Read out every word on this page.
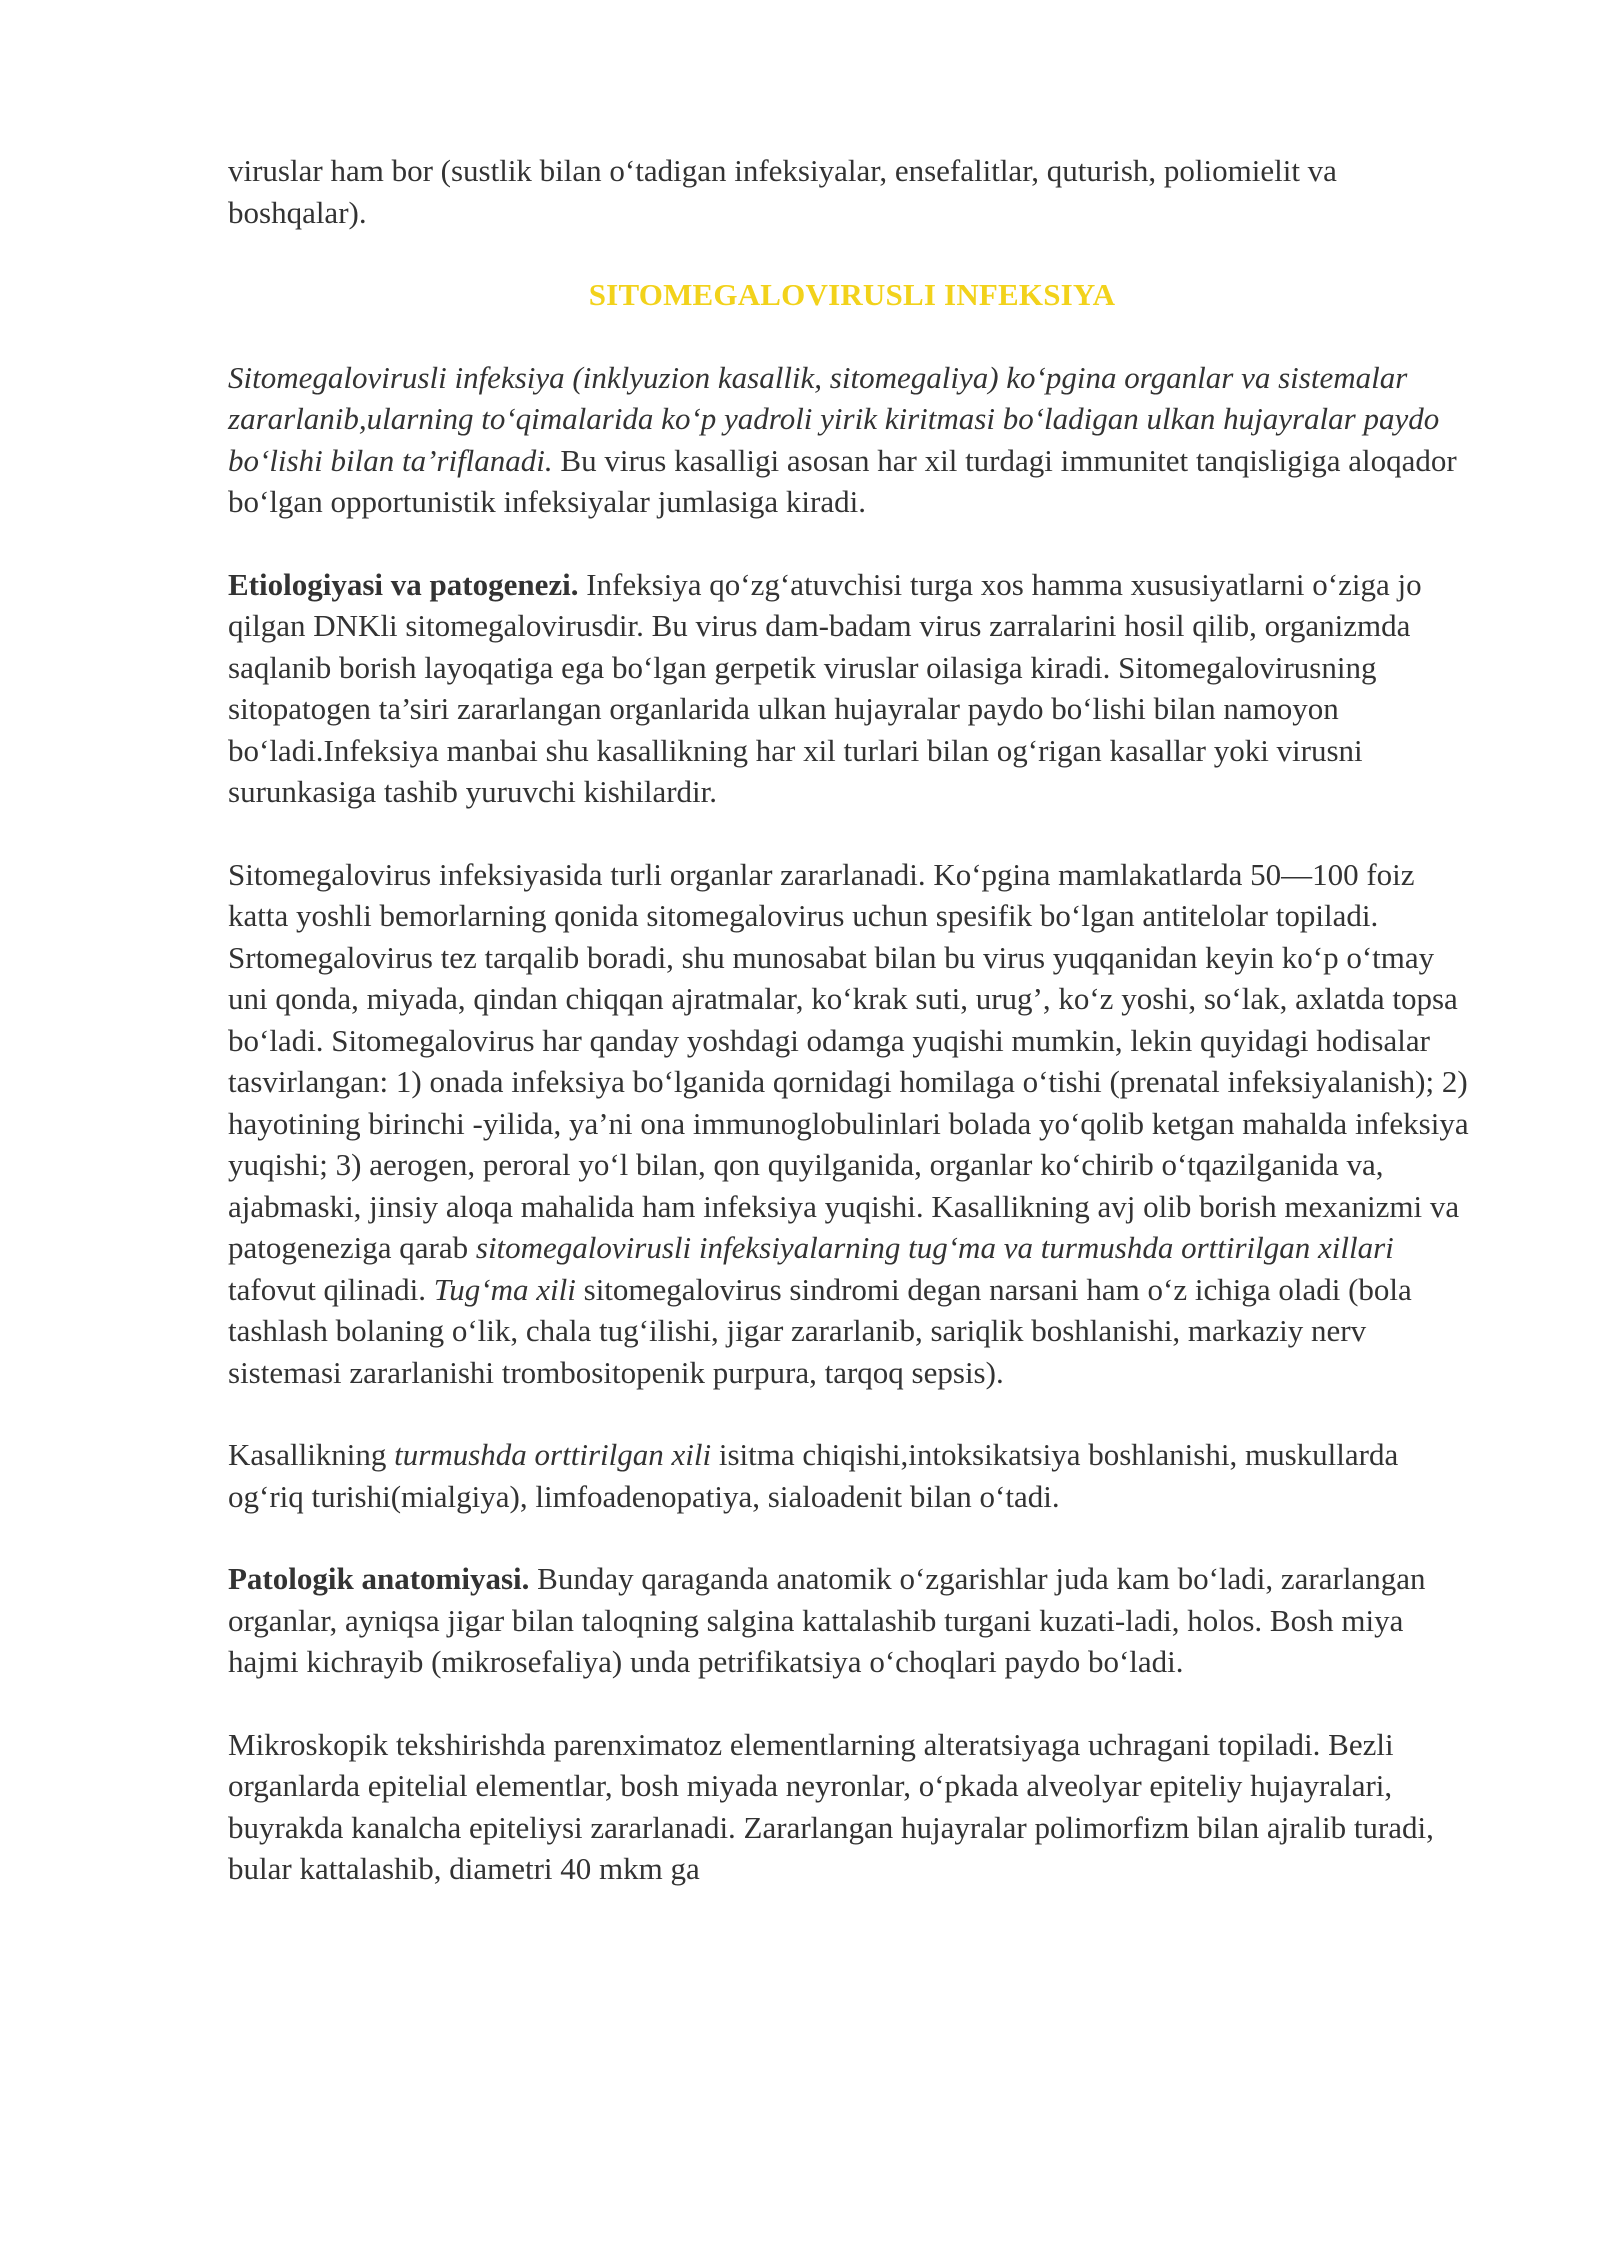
viruslar ham bor (sustlik bilan oʻtadigan infeksiyalar, ensefalitlar, quturish, poliomielit va boshqalar).

SITOMEGALOVIRUSLI INFEKSIYA

Sitomegalovirusli infeksiya (inklyuzion kasallik, sitomegaliya) koʻpgina organlar va sistemalar zararlanib,ularning toʻqimalarida koʻp yadroli yirik kiritmasi boʻladigan ulkan hujayralar paydo boʻlishi bilan ta’riflanadi. Bu virus kasalligi asosan har xil turdagi immunitet tanqisligiga aloqador boʻlgan opportunistik infeksiyalar jumlasiga kiradi.

Etiologiyasi va patogenezi. Infeksiya qoʻzgʻatuvchisi turga xos hamma xususiyatlarni oʻziga jo qilgan DNKli sitomegalovirusdir. Bu virus dam-badam virus zarralarini hosil qilib, organizmda saqlanib borish layoqatiga ega boʻlgan gerpetik viruslar oilasiga kiradi. Sitomegalovirusning sitopatogen ta’siri zararlangan organlarida ulkan hujayralar paydo boʻlishi bilan namoyon boʻladi.Infeksiya manbai shu kasallikning har xil turlari bilan ogʻrigan kasallar yoki virusni surunkasiga tashib yuruvchi kishilardir.

Sitomegalovirus infeksiyasida turli organlar zararlanadi. Koʻpgina mamlakatlarda 50—100 foiz katta yoshli bemorlarning qonida sitomegalovirus uchun spesifik boʻlgan antitelolar topiladi. Srtomegalovirus tez tarqalib boradi, shu munosabat bilan bu virus yuqqanidan keyin koʻp oʻtmay uni qonda, miyada, qindan chiqqan ajratmalar, koʻkrak suti, urug’, koʻz yoshi, soʻlak, axlatda topsa boʻladi. Sitomegalovirus har qanday yoshdagi odamga yuqishi mumkin, lekin quyidagi hodisalar tasvirlangan: 1) onada infeksiya boʻlganida qornidagi homilaga oʻtishi (prenatal infeksiyalanish); 2) hayotining birinchi -yilida, ya’ni ona immunoglobulinlari bolada yoʻqolib ketgan mahalda infeksiya yuqishi; 3) aerogen, peroral yoʻl bilan, qon quyilganida, organlar koʻchirib oʻtqazilganida va, ajabmaski, jinsiy aloqa mahalida ham infeksiya yuqishi. Kasallikning avj olib borish mexanizmi va patogeneziga qarab sitomegalovirusli infeksiyalarning tugʻma va turmushda orttirilgan xillari tafovut qilinadi. Tugʻma xili sitomegalovirus sindromi degan narsani ham oʻz ichiga oladi (bola tashlash bolaning oʻlik, chala tugʻilishi, jigar zararlanib, sariqlik boshlanishi, markaziy nerv sistemasi zararlanishi trombositopenik purpura, tarqoq sepsis).

Kasallikning turmushda orttirilgan xili isitma chiqishi,intoksikatsiya boshlanishi, muskullarda ogʻriq turishi(mialgiya), limfoadenopatiya, sialoadenit bilan oʻtadi.

Patologik anatomiyasi. Bunday qaraganda anatomik oʻzgarishlar juda kam boʻladi, zararlangan organlar, ayniqsa jigar bilan taloqning salgina kattalashib turgani kuzati-ladi, holos. Bosh miya hajmi kichrayib (mikrosefaliya) unda petrifikatsiya oʻchoqlari paydo boʻladi.

Mikroskopik tekshirishda parenximatoz elementlarning alteratsiyaga uchragani topiladi. Bezli organlarda epitelial elementlar, bosh miyada neyronlar, oʻpkada alveolyar epiteliy hujayralari, buyrakda kanalcha epiteliysi zararlanadi. Zararlangan hujayralar polimorfizm bilan ajralib turadi, bular kattalashib, diametri 40 mkm ga
